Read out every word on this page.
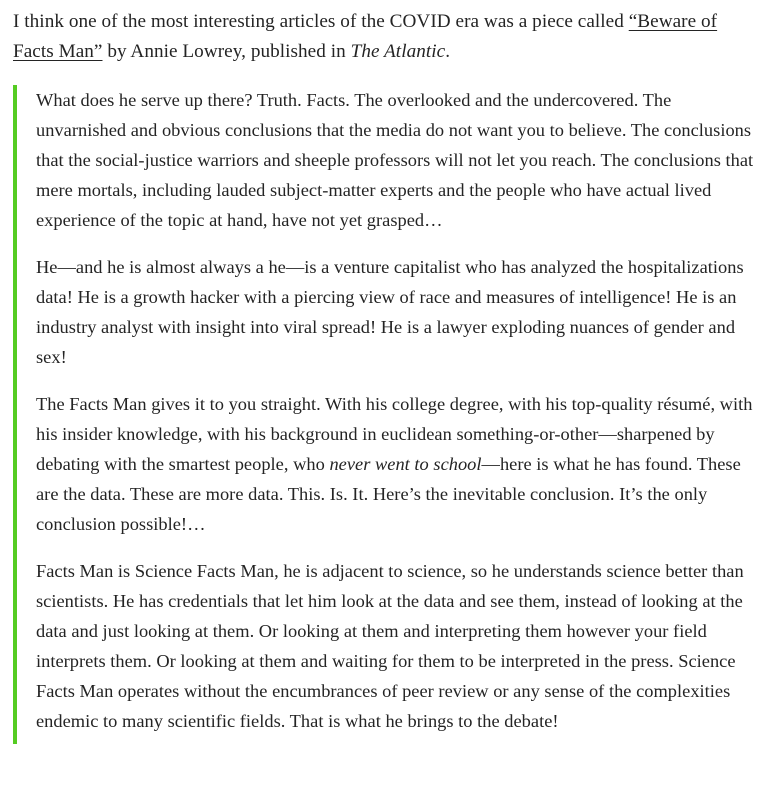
I think one of the most interesting articles of the COVID era was a piece called “Beware of Facts Man” by Annie Lowrey, published in The Atlantic.

What does he serve up there? Truth. Facts. The overlooked and the undercovered. The unvarnished and obvious conclusions that the media do not want you to believe. The conclusions that the social-justice warriors and sheeple professors will not let you reach. The conclusions that mere mortals, including lauded subject-matter experts and the people who have actual lived experience of the topic at hand, have not yet grasped…

He—and he is almost always a he—is a venture capitalist who has analyzed the hospitalizations data! He is a growth hacker with a piercing view of race and measures of intelligence! He is an industry analyst with insight into viral spread! He is a lawyer exploding nuances of gender and sex!

The Facts Man gives it to you straight. With his college degree, with his top-quality résumé, with his insider knowledge, with his background in euclidean something-or-other—sharpened by debating with the smartest people, who never went to school—here is what he has found. These are the data. These are more data. This. Is. It. Here’s the inevitable conclusion. It’s the only conclusion possible!…

Facts Man is Science Facts Man, he is adjacent to science, so he understands science better than scientists. He has credentials that let him look at the data and see them, instead of looking at the data and just looking at them. Or looking at them and interpreting them however your field interprets them. Or looking at them and waiting for them to be interpreted in the press. Science Facts Man operates without the encumbrances of peer review or any sense of the complexities endemic to many scientific fields. That is what he brings to the debate!
